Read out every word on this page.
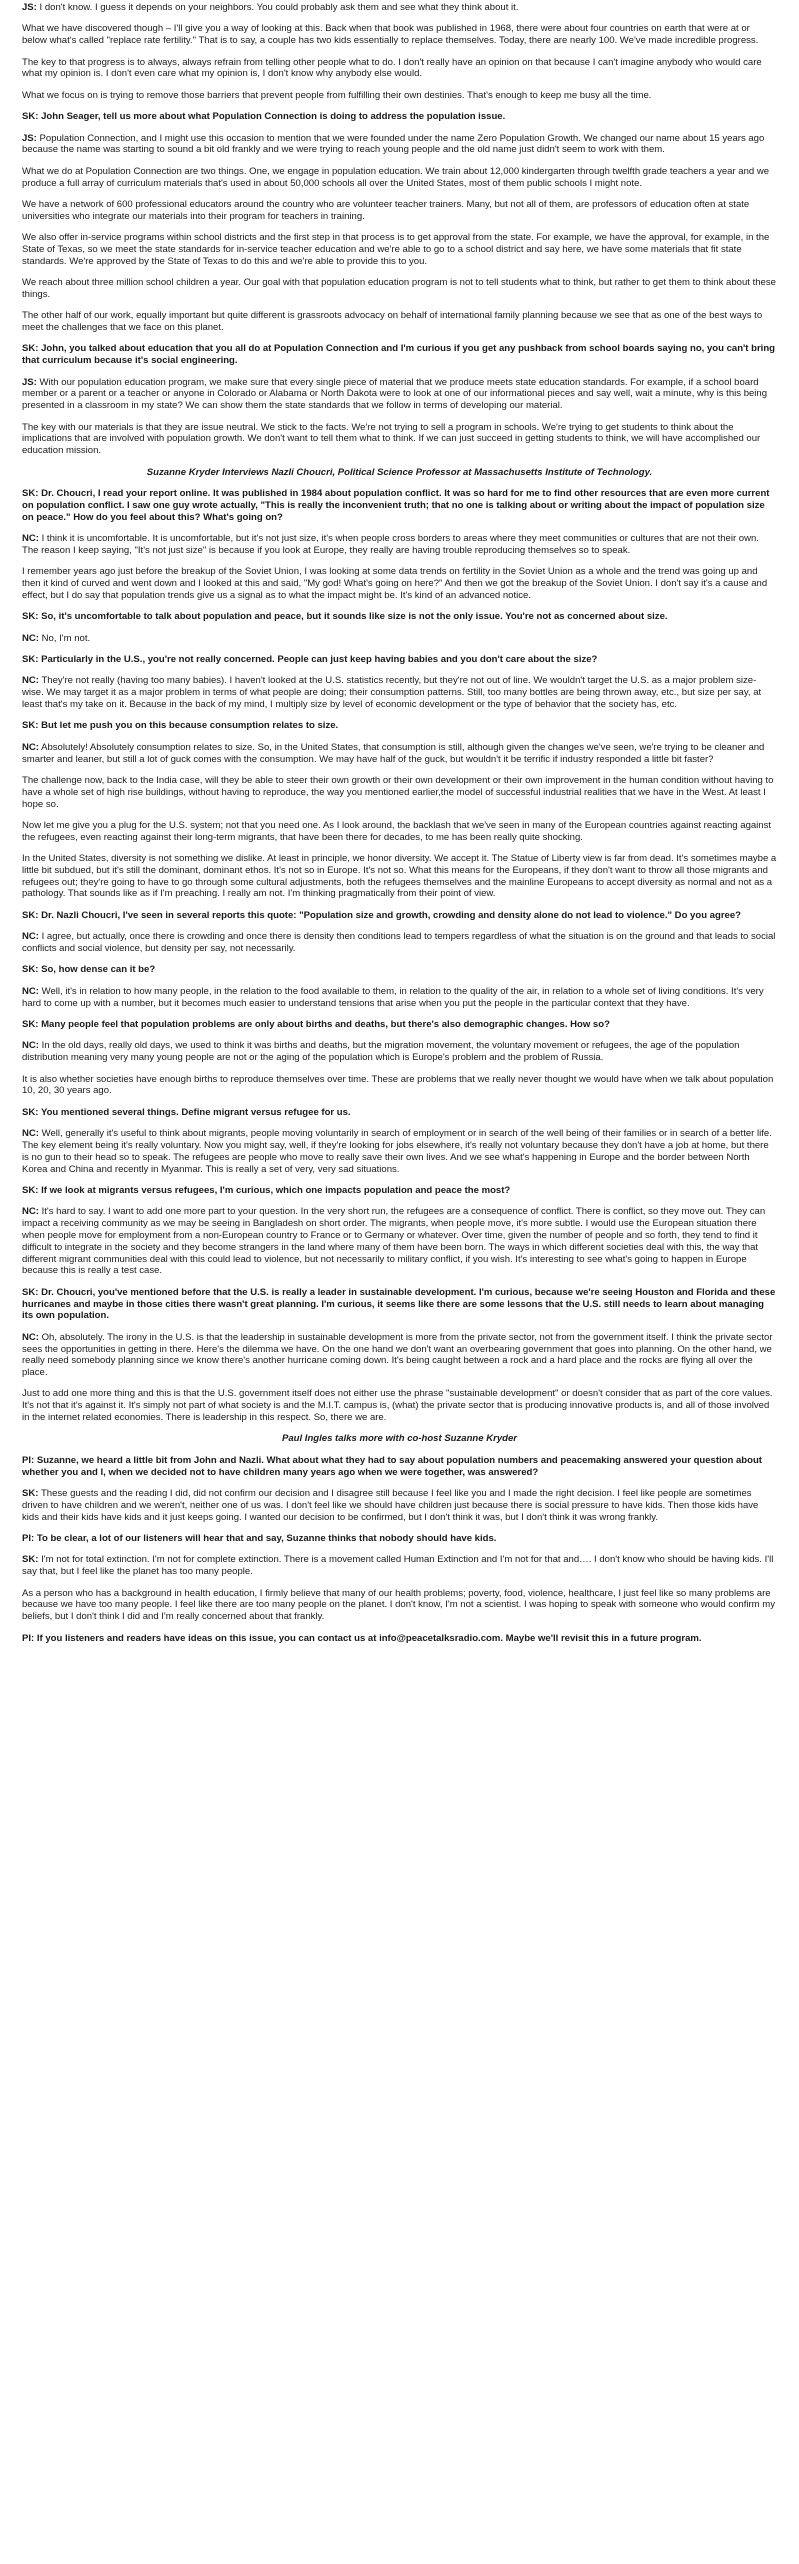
JS: I don't know. I guess it depends on your neighbors. You could probably ask them and see what they think about it.

What we have discovered though – I'll give you a way of looking at this. Back when that book was published in 1968, there were about four countries on earth that were at or below what's called "replace rate fertility." That is to say, a couple has two kids essentially to replace themselves. Today, there are nearly 100. We've made incredible progress.

The key to that progress is to always, always refrain from telling other people what to do. I don't really have an opinion on that because I can't imagine anybody who would care what my opinion is. I don't even care what my opinion is, I don't know why anybody else would.

What we focus on is trying to remove those barriers that prevent people from fulfilling their own destinies. That's enough to keep me busy all the time.

SK: John Seager, tell us more about what Population Connection is doing to address the population issue.

JS: Population Connection, and I might use this occasion to mention that we were founded under the name Zero Population Growth. We changed our name about 15 years ago because the name was starting to sound a bit old frankly and we were trying to reach young people and the old name just didn't seem to work with them.

What we do at Population Connection are two things. One, we engage in population education. We train about 12,000 kindergarten through twelfth grade teachers a year and we produce a full array of curriculum materials that's used in about 50,000 schools all over the United States, most of them public schools I might note.

We have a network of 600 professional educators around the country who are volunteer teacher trainers. Many, but not all of them, are professors of education often at state universities who integrate our materials into their program for teachers in training.

We also offer in-service programs within school districts and the first step in that process is to get approval from the state. For example, we have the approval, for example, in the State of Texas, so we meet the state standards for in-service teacher education and we're able to go to a school district and say here, we have some materials that fit state standards. We're approved by the State of Texas to do this and we're able to provide this to you.

We reach about three million school children a year. Our goal with that population education program is not to tell students what to think, but rather to get them to think about these things.

The other half of our work, equally important but quite different is grassroots advocacy on behalf of international family planning because we see that as one of the best ways to meet the challenges that we face on this planet.

SK: John, you talked about education that you all do at Population Connection and I'm curious if you get any pushback from school boards saying no, you can't bring that curriculum because it's social engineering.

JS: With our population education program, we make sure that every single piece of material that we produce meets state education standards. For example, if a school board member or a parent or a teacher or anyone in Colorado or Alabama or North Dakota were to look at one of our informational pieces and say well, wait a minute, why is this being presented in a classroom in my state? We can show them the state standards that we follow in terms of developing our material.

The key with our materials is that they are issue neutral. We stick to the facts. We're not trying to sell a program in schools. We're trying to get students to think about the implications that are involved with population growth. We don't want to tell them what to think. If we can just succeed in getting students to think, we will have accomplished our education mission.

Suzanne Kryder Interviews Nazli Choucri, Political Science Professor at Massachusetts Institute of Technology.

SK: Dr. Choucri, I read your report online. It was published in 1984 about population conflict. It was so hard for me to find other resources that are even more current on population conflict. I saw one guy wrote actually, "This is really the inconvenient truth; that no one is talking about or writing about the impact of population size on peace." How do you feel about this? What's going on?

NC: I think it is uncomfortable. It is uncomfortable, but it's not just size, it's when people cross borders to areas where they meet communities or cultures that are not their own. The reason I keep saying, "It's not just size" is because if you look at Europe, they really are having trouble reproducing themselves so to speak.

I remember years ago just before the breakup of the Soviet Union, I was looking at some data trends on fertility in the Soviet Union as a whole and the trend was going up and then it kind of curved and went down and I looked at this and said, "My god! What's going on here?" And then we got the breakup of the Soviet Union. I don't say it's a cause and effect, but I do say that population trends give us a signal as to what the impact might be. It's kind of an advanced notice.

SK: So, it's uncomfortable to talk about population and peace, but it sounds like size is not the only issue. You're not as concerned about size.

NC: No, I'm not.

SK: Particularly in the U.S., you're not really concerned. People can just keep having babies and you don't care about the size?

NC: They're not really (having too many babies). I haven't looked at the U.S. statistics recently, but they're not out of line. We wouldn't target the U.S. as a major problem size-wise. We may target it as a major problem in terms of what people are doing; their consumption patterns. Still, too many bottles are being thrown away, etc., but size per say, at least that's my take on it. Because in the back of my mind, I multiply size by level of economic development or the type of behavior that the society has, etc.

SK: But let me push you on this because consumption relates to size.

NC: Absolutely! Absolutely consumption relates to size. So, in the United States, that consumption is still, although given the changes we've seen, we're trying to be cleaner and smarter and leaner, but still a lot of guck comes with the consumption. We may have half of the guck, but wouldn't it be terrific if industry responded a little bit faster?

The challenge now, back to the India case, will they be able to steer their own growth or their own development or their own improvement in the human condition without having to have a whole set of high rise buildings, without having to reproduce, the way you mentioned earlier,the model of successful industrial realities that we have in the West. At least I hope so.

Now let me give you a plug for the U.S. system; not that you need one. As I look around, the backlash that we've seen in many of the European countries against reacting against the refugees, even reacting against their long-term migrants, that have been there for decades, to me has been really quite shocking.

In the United States, diversity is not something we dislike. At least in principle, we honor diversity. We accept it. The Statue of Liberty view is far from dead. It's sometimes maybe a little bit subdued, but it's still the dominant, dominant ethos. It's not so in Europe. It's not so. What this means for the Europeans, if they don't want to throw all those migrants and refugees out; they're going to have to go through some cultural adjustments, both the refugees themselves and the mainline Europeans to accept diversity as normal and not as a pathology. That sounds like as if I'm preaching. I really am not. I'm thinking pragmatically from their point of view.

SK: Dr. Nazli Choucri, I've seen in several reports this quote: "Population size and growth, crowding and density alone do not lead to violence." Do you agree?

NC: I agree, but actually, once there is crowding and once there is density then conditions lead to tempers regardless of what the situation is on the ground and that leads to social conflicts and social violence, but density per say, not necessarily.

SK: So, how dense can it be?

NC: Well, it's in relation to how many people, in the relation to the food available to them, in relation to the quality of the air, in relation to a whole set of living conditions. It's very hard to come up with a number, but it becomes much easier to understand tensions that arise when you put the people in the particular context that they have.

SK: Many people feel that population problems are only about births and deaths, but there's also demographic changes. How so?

NC: In the old days, really old days, we used to think it was births and deaths, but the migration movement, the voluntary movement or refugees, the age of the population distribution meaning very many young people are not or the aging of the population which is Europe's problem and the problem of Russia.

It is also whether societies have enough births to reproduce themselves over time. These are problems that we really never thought we would have when we talk about population 10, 20, 30 years ago.

SK: You mentioned several things. Define migrant versus refugee for us.

NC: Well, generally it's useful to think about migrants, people moving voluntarily in search of employment or in search of the well being of their families or in search of a better life. The key element being it's really voluntary. Now you might say, well, if they're looking for jobs elsewhere, it's really not voluntary because they don't have a job at home, but there is no gun to their head so to speak. The refugees are people who move to really save their own lives. And we see what's happening in Europe and the border between North Korea and China and recently in Myanmar. This is really a set of very, very sad situations.

SK: If we look at migrants versus refugees, I'm curious, which one impacts population and peace the most?

NC: It's hard to say. I want to add one more part to your question. In the very short run, the refugees are a consequence of conflict. There is conflict, so they move out. They can impact a receiving community as we may be seeing in Bangladesh on short order. The migrants, when people move, it's more subtle. I would use the European situation there when people move for employment from a non-European country to France or to Germany or whatever. Over time, given the number of people and so forth, they tend to find it difficult to integrate in the society and they become strangers in the land where many of them have been born. The ways in which different societies deal with this, the way that different migrant communities deal with this could lead to violence, but not necessarily to military conflict, if you wish. It's interesting to see what's going to happen in Europe because this is really a test case.

SK: Dr. Choucri, you've mentioned before that the U.S. is really a leader in sustainable development. I'm curious, because we're seeing Houston and Florida and these hurricanes and maybe in those cities there wasn't great planning. I'm curious, it seems like there are some lessons that the U.S. still needs to learn about managing its own population.

NC: Oh, absolutely. The irony in the U.S. is that the leadership in sustainable development is more from the private sector, not from the government itself. I think the private sector sees the opportunities in getting in there. Here's the dilemma we have. On the one hand we don't want an overbearing government that goes into planning. On the other hand, we really need somebody planning since we know there's another hurricane coming down. It's being caught between a rock and a hard place and the rocks are flying all over the place.

Just to add one more thing and this is that the U.S. government itself does not either use the phrase "sustainable development" or doesn't consider that as part of the core values. It's not that it's against it. It's simply not part of what society is and the M.I.T. campus is, (what) the private sector that is producing innovative products is, and all of those involved in the internet related economies. There is leadership in this respect. So, there we are.

Paul Ingles talks more with co-host Suzanne Kryder

PI: Suzanne, we heard a little bit from John and Nazli. What about what they had to say about population numbers and peacemaking answered your question about whether you and I, when we decided not to have children many years ago when we were together, was answered?

SK: These guests and the reading I did, did not confirm our decision and I disagree still because I feel like you and I made the right decision. I feel like people are sometimes driven to have children and we weren't, neither one of us was. I don't feel like we should have children just because there is social pressure to have kids. Then those kids have kids and their kids have kids and it just keeps going. I wanted our decision to be confirmed, but I don't think it was, but I don't think it was wrong frankly.

PI: To be clear, a lot of our listeners will hear that and say, Suzanne thinks that nobody should have kids.

SK: I'm not for total extinction. I'm not for complete extinction. There is a movement called Human Extinction and I'm not for that and…. I don't know who should be having kids. I'll say that, but I feel like the planet has too many people.

As a person who has a background in health education, I firmly believe that many of our health problems; poverty, food, violence, healthcare, I just feel like so many problems are because we have too many people. I feel like there are too many people on the planet. I don't know, I'm not a scientist. I was hoping to speak with someone who would confirm my beliefs, but I don't think I did and I'm really concerned about that frankly.

PI: If you listeners and readers have ideas on this issue, you can contact us at info@peacetalksradio.com. Maybe we'll revisit this in a future program.
